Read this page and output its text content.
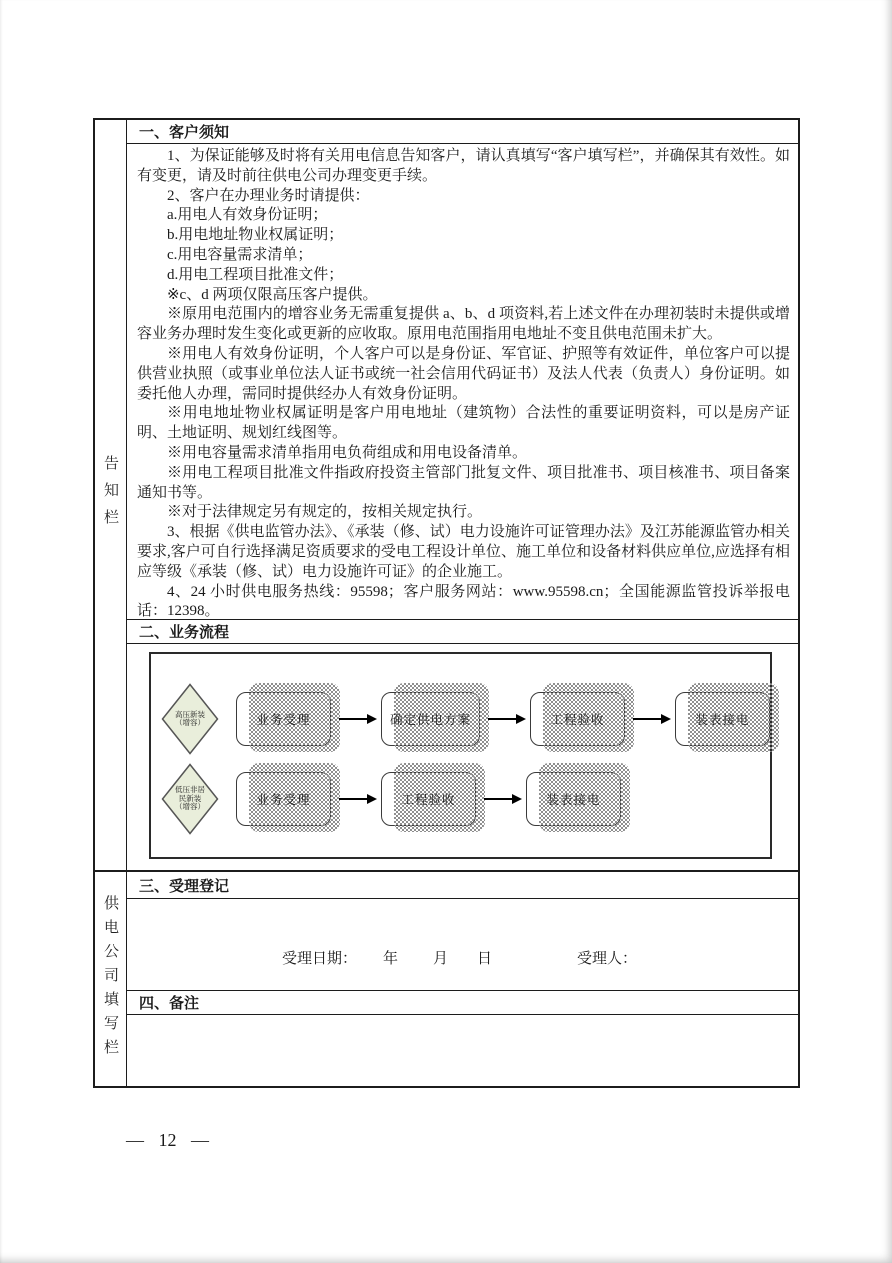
告知栏
供电公司填写栏
一、客户须知

1、为保证能够及时将有关用电信息告知客户，请认真填写“客户填写栏”，并确保其有效性。如有变更，请及时前往供电公司办理变更手续。

2、客户在办理业务时请提供：

a.用电人有效身份证明；

b.用电地址物业权属证明；

c.用电容量需求清单；

d.用电工程项目批准文件；

※c、d 两项仅限高压客户提供。

※原用电范围内的增容业务无需重复提供 a、b、d 项资料,若上述文件在办理初装时未提供或增容业务办理时发生变化或更新的应收取。原用电范围指用电地址不变且供电范围未扩大。

※用电人有效身份证明，个人客户可以是身份证、军官证、护照等有效证件，单位客户可以提供营业执照（或事业单位法人证书或统一社会信用代码证书）及法人代表（负责人）身份证明。如委托他人办理，需同时提供经办人有效身份证明。

※用电地址物业权属证明是客户用电地址（建筑物）合法性的重要证明资料，可以是房产证明、土地证明、规划红线图等。

※用电容量需求清单指用电负荷组成和用电设备清单。

※用电工程项目批准文件指政府投资主管部门批复文件、项目批准书、项目核准书、项目备案通知书等。

※对于法律规定另有规定的，按相关规定执行。

3、根据《供电监管办法》、《承装（修、试）电力设施许可证管理办法》及江苏能源监管办相关要求,客户可自行选择满足资质要求的受电工程设计单位、施工单位和设备材料供应单位,应选择有相应等级《承装（修、试）电力设施许可证》的企业施工。

4、24 小时供电服务热线：95598；客户服务网站：www.95598.cn；全国能源监管投诉举报电话：12398。

二、业务流程
高压新装
（增容）	业务受理	确定供电方案	工程验收	装表接电
低压非居
民新装
（增容）	业务受理	工程验收	装表接电
三、受理登记
受理日期： 年 月 日	受理人：
四、备注
— 12 —
